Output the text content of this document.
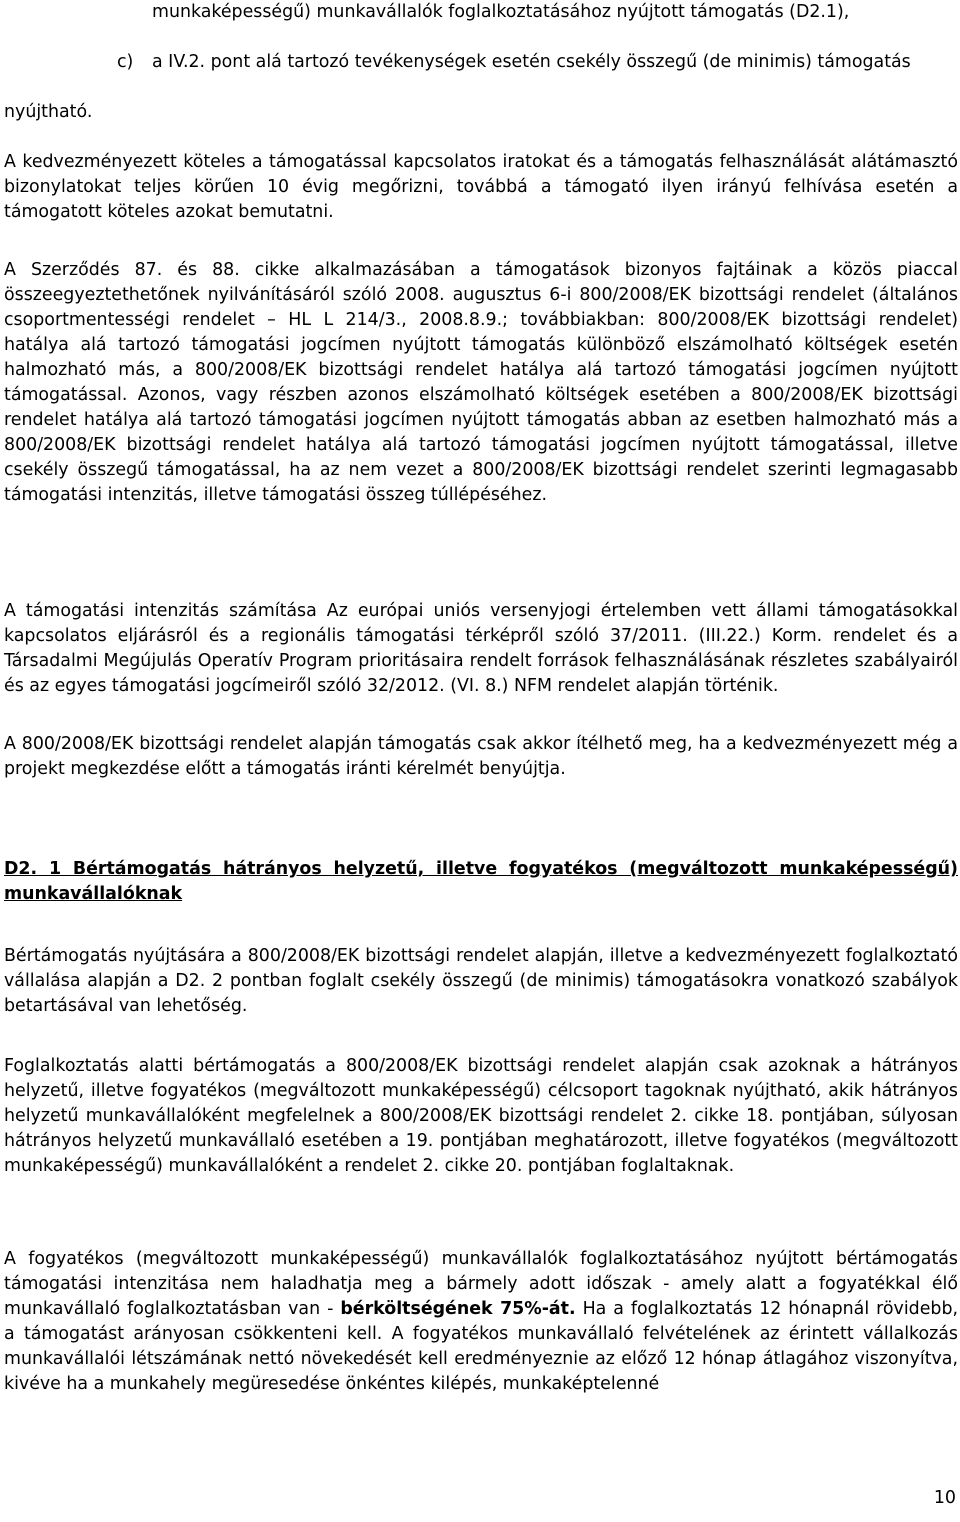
munkaképességű) munkavállalók foglalkoztatásához nyújtott támogatás (D2.1),

c) a IV.2. pont alá tartozó tevékenységek esetén csekély összegű (de minimis) támogatás

nyújtható.

A kedvezményezett köteles a támogatással kapcsolatos iratokat és a támogatás felhasználását alátámasztó bizonylatokat teljes körűen 10 évig megőrizni, továbbá a támogató ilyen irányú felhívása esetén a támogatott köteles azokat bemutatni.

A Szerződés 87. és 88. cikke alkalmazásában a támogatások bizonyos fajtáinak a közös piaccal összeegyeztethetőnek nyilvánításáról szóló 2008. augusztus 6-i 800/2008/EK bizottsági rendelet (általános csoportmentességi rendelet – HL L 214/3., 2008.8.9.; továbbiakban: 800/2008/EK bizottsági rendelet) hatálya alá tartozó támogatási jogcímen nyújtott támogatás különböző elszámolható költségek esetén halmozható más, a 800/2008/EK bizottsági rendelet hatálya alá tartozó támogatási jogcímen nyújtott támogatással. Azonos, vagy részben azonos elszámolható költségek esetében a 800/2008/EK bizottsági rendelet hatálya alá tartozó támogatási jogcímen nyújtott támogatás abban az esetben halmozható más a 800/2008/EK bizottsági rendelet hatálya alá tartozó támogatási jogcímen nyújtott támogatással, illetve csekély összegű támogatással, ha az nem vezet a 800/2008/EK bizottsági rendelet szerinti legmagasabb támogatási intenzitás, illetve támogatási összeg túllépéséhez.

A támogatási intenzitás számítása Az európai uniós versenyjogi értelemben vett állami támogatásokkal kapcsolatos eljárásról és a regionális támogatási térképről szóló 37/2011. (III.22.) Korm. rendelet és a Társadalmi Megújulás Operatív Program prioritásaira rendelt források felhasználásának részletes szabályairól és az egyes támogatási jogcímeiről szóló 32/2012. (VI. 8.) NFM rendelet alapján történik.

A 800/2008/EK bizottsági rendelet alapján támogatás csak akkor ítélhető meg, ha a kedvezményezett még a projekt megkezdése előtt a támogatás iránti kérelmét benyújtja.

D2. 1 Bértámogatás hátrányos helyzetű, illetve fogyatékos (megváltozott munkaképességű) munkavállalóknak

Bértámogatás nyújtására a 800/2008/EK bizottsági rendelet alapján, illetve a kedvezményezett foglalkoztató vállalása alapján a D2. 2 pontban foglalt csekély összegű (de minimis) támogatásokra vonatkozó szabályok betartásával van lehetőség.

Foglalkoztatás alatti bértámogatás a 800/2008/EK bizottsági rendelet alapján csak azoknak a hátrányos helyzetű, illetve fogyatékos (megváltozott munkaképességű) célcsoport tagoknak nyújtható, akik hátrányos helyzetű munkavállalóként megfelelnek a 800/2008/EK bizottsági rendelet 2. cikke 18. pontjában, súlyosan hátrányos helyzetű munkavállaló esetében a 19. pontjában meghatározott, illetve fogyatékos (megváltozott munkaképességű) munkavállalóként a rendelet 2. cikke 20. pontjában foglaltaknak.

A fogyatékos (megváltozott munkaképességű) munkavállalók foglalkoztatásához nyújtott bértámogatás támogatási intenzitása nem haladhatja meg a bármely adott időszak - amely alatt a fogyatékkal élő munkavállaló foglalkoztatásban van - bérköltségének 75%-át. Ha a foglalkoztatás 12 hónapnál rövidebb, a támogatást arányosan csökkenteni kell. A fogyatékos munkavállaló felvételének az érintett vállalkozás munkavállalói létszámának nettó növekedését kell eredményeznie az előző 12 hónap átlagához viszonyítva, kivéve ha a munkahely megüresedése önkéntes kilépés, munkaképtelenné

10
